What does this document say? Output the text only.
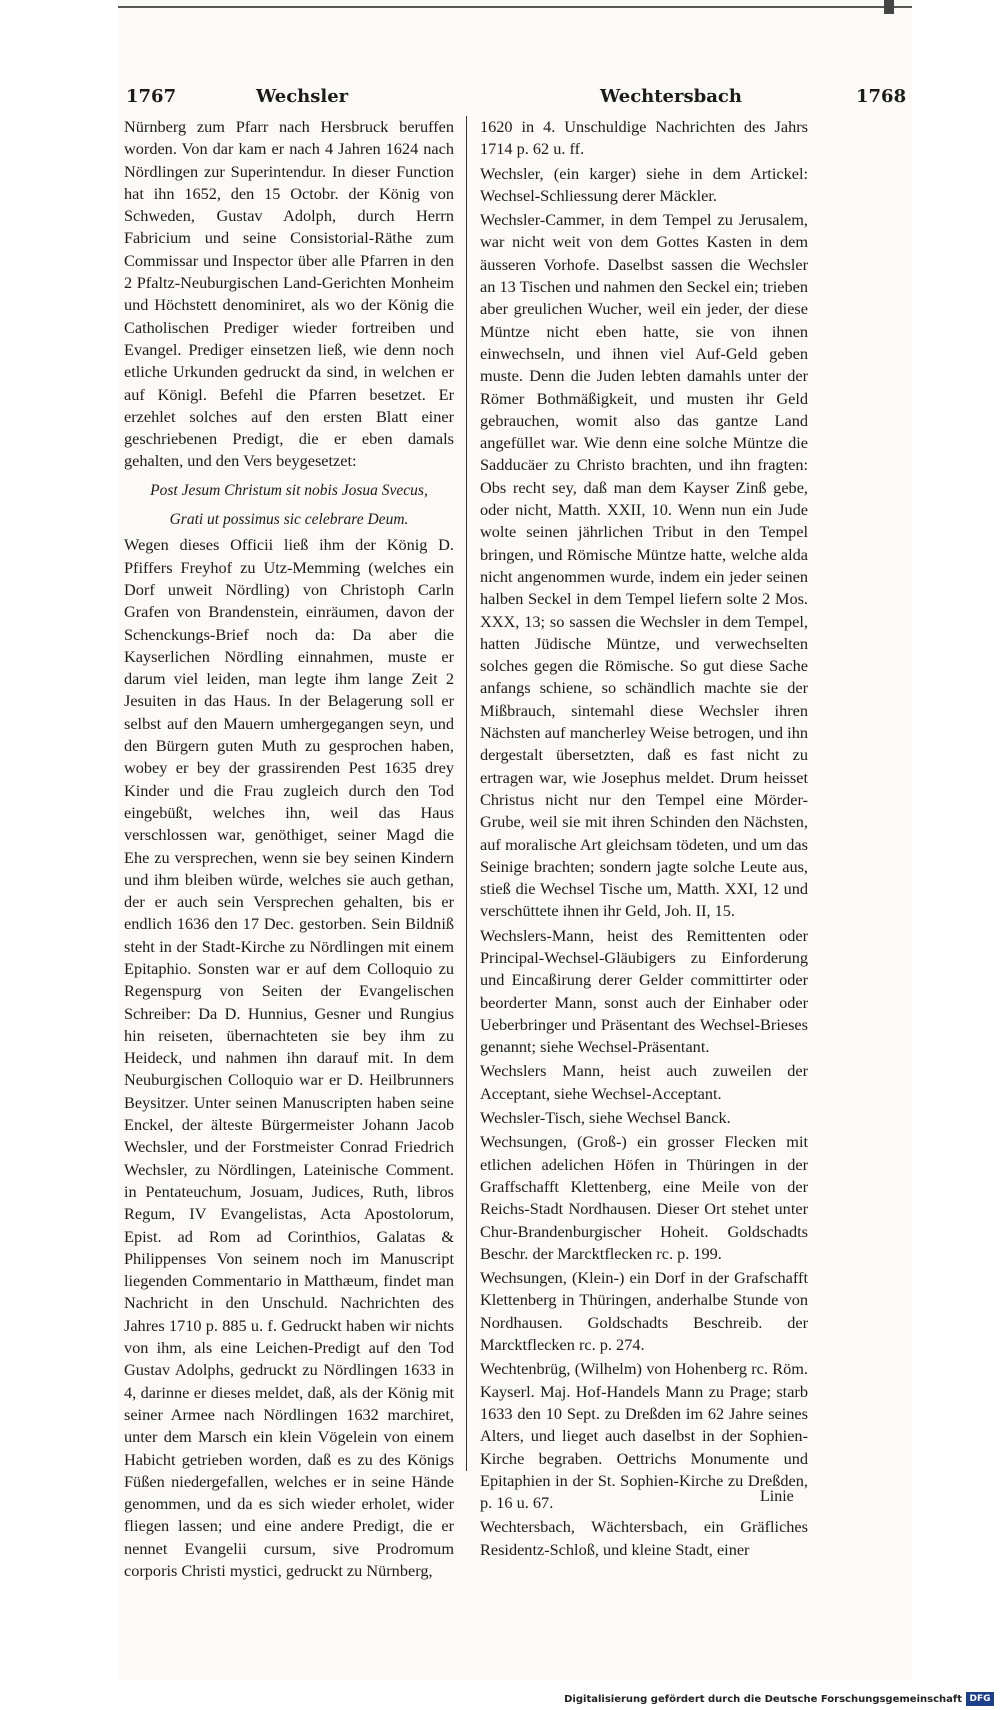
1767	Wechsler	Wechtersbach	1768

Nürnberg zum Pfarr nach Hersbruck beruffen worden. Von dar kam er nach 4 Jahren 1624 nach Nördlingen zur Superintendur. In dieser Function hat ihn 1652, den 15 Octobr. der König von Schweden, Gustav Adolph, durch Herrn Fabricium und seine Consistorial-Räthe zum Commissar und Inspector über alle Pfarren in den 2 Pfaltz-Neuburgischen Land-Gerichten Monheim und Höchstett denominiret, als wo der König die Catholischen Prediger wieder fortreiben und Evangel. Prediger einsetzen ließ, wie denn noch etliche Urkunden gedruckt da sind, in welchen er auf Königl. Befehl die Pfarren besetzet. Er erzehlet solches auf den ersten Blatt einer geschriebenen Predigt, die er eben damals gehalten, und den Vers beygesetzet:

Post Jesum Christum sit nobis Josua Svecus,

Grati ut possimus sic celebrare Deum.

Wegen dieses Officii ließ ihm der König D. Pfiffers Freyhof zu Utz-Memming (welches ein Dorf unweit Nördling) von Christoph Carln Grafen von Brandenstein, einräumen, davon der Schenckungs-Brief noch da: Da aber die Kayserlichen Nördling einnahmen, muste er darum viel leiden, man legte ihm lange Zeit 2 Jesuiten in das Haus. In der Belagerung soll er selbst auf den Mauern umhergegangen seyn, und den Bürgern guten Muth zu gesprochen haben, wobey er bey der grassirenden Pest 1635 drey Kinder und die Frau zugleich durch den Tod eingebüßt, welches ihn, weil das Haus verschlossen war, genöthiget, seiner Magd die Ehe zu versprechen, wenn sie bey seinen Kindern und ihm bleiben würde, welches sie auch gethan, der er auch sein Versprechen gehalten, bis er endlich 1636 den 17 Dec. gestorben. Sein Bildniß steht in der Stadt-Kirche zu Nördlingen mit einem Epitaphio. Sonsten war er auf dem Colloquio zu Regenspurg von Seiten der Evangelischen Schreiber: Da D. Hunnius, Gesner und Rungius hin reiseten, übernachteten sie bey ihm zu Heideck, und nahmen ihn darauf mit. In dem Neuburgischen Colloquio war er D. Heilbrunners Beysitzer. Unter seinen Manuscripten haben seine Enckel, der älteste Bürgermeister Johann Jacob Wechsler, und der Forstmeister Conrad Friedrich Wechsler, zu Nördlingen, Lateinische Comment. in Pentateuchum, Josuam, Judices, Ruth, libros Regum, IV Evangelistas, Acta Apostolorum, Epist. ad Rom ad Corinthios, Galatas & Philippenses Von seinem noch im Manuscript liegenden Commentario in Matthæum, findet man Nachricht in den Unschuld. Nachrichten des Jahres 1710 p. 885 u. f. Gedruckt haben wir nichts von ihm, als eine Leichen-Predigt auf den Tod Gustav Adolphs, gedruckt zu Nördlingen 1633 in 4, darinne er dieses meldet, daß, als der König mit seiner Armee nach Nördlingen 1632 marchiret, unter dem Marsch ein klein Vögelein von einem Habicht getrieben worden, daß es zu des Königs Füßen niedergefallen, welches er in seine Hände genommen, und da es sich wieder erholet, wider fliegen lassen; und eine andere Predigt, die er nennet Evangelii cursum, sive Prodromum corporis Christi mystici, gedruckt zu Nürnberg,

1620 in 4. Unschuldige Nachrichten des Jahrs 1714 p. 62 u. ff.

Wechsler, (ein karger) siehe in dem Artickel: Wechsel-Schliessung derer Mäckler.

Wechsler-Cammer, in dem Tempel zu Jerusalem, war nicht weit von dem Gottes Kasten in dem äusseren Vorhofe. Daselbst sassen die Wechsler an 13 Tischen und nahmen den Seckel ein; trieben aber greulichen Wucher, weil ein jeder, der diese Müntze nicht eben hatte, sie von ihnen einwechseln, und ihnen viel Auf-Geld geben muste. Denn die Juden lebten damahls unter der Römer Bothmäßigkeit, und musten ihr Geld gebrauchen, womit also das gantze Land angefüllet war. Wie denn eine solche Müntze die Sadducäer zu Christo brachten, und ihn fragten: Obs recht sey, daß man dem Kayser Zinß gebe, oder nicht, Matth. XXII, 10. Wenn nun ein Jude wolte seinen jährlichen Tribut in den Tempel bringen, und Römische Müntze hatte, welche alda nicht angenommen wurde, indem ein jeder seinen halben Seckel in dem Tempel liefern solte 2 Mos. XXX, 13; so sassen die Wechsler in dem Tempel, hatten Jüdische Müntze, und verwechselten solches gegen die Römische. So gut diese Sache anfangs schiene, so schändlich machte sie der Mißbrauch, sintemahl diese Wechsler ihren Nächsten auf mancherley Weise betrogen, und ihn dergestalt übersetzten, daß es fast nicht zu ertragen war, wie Josephus meldet. Drum heisset Christus nicht nur den Tempel eine Mörder-Grube, weil sie mit ihren Schinden den Nächsten, auf moralische Art gleichsam tödeten, und um das Seinige brachten; sondern jagte solche Leute aus, stieß die Wechsel Tische um, Matth. XXI, 12 und verschüttete ihnen ihr Geld, Joh. II, 15.

Wechslers-Mann, heist des Remittenten oder Principal-Wechsel-Gläubigers zu Einforderung und Eincaßirung derer Gelder committirter oder beorderter Mann, sonst auch der Einhaber oder Ueberbringer und Präsentant des Wechsel-Brieses genannt; siehe Wechsel-Präsentant.

Wechslers Mann, heist auch zuweilen der Acceptant, siehe Wechsel-Acceptant.

Wechsler-Tisch, siehe Wechsel Banck.

Wechsungen, (Groß-) ein grosser Flecken mit etlichen adelichen Höfen in Thüringen in der Graffschafft Klettenberg, eine Meile von der Reichs-Stadt Nordhausen. Dieser Ort stehet unter Chur-Brandenburgischer Hoheit. Goldschadts Beschr. der Marcktflecken rc. p. 199.

Wechsungen, (Klein-) ein Dorf in der Grafschafft Klettenberg in Thüringen, anderhalbe Stunde von Nordhausen. Goldschadts Beschreib. der Marcktflecken rc. p. 274.

Wechtenbrüg, (Wilhelm) von Hohenberg rc. Röm. Kayserl. Maj. Hof-Handels Mann zu Prage; starb 1633 den 10 Sept. zu Dreßden im 62 Jahre seines Alters, und lieget auch daselbst in der Sophien-Kirche begraben. Oettrichs Monumente und Epitaphien in der St. Sophien-Kirche zu Dreßden, p. 16 u. 67.

Wechtersbach, Wächtersbach, ein Gräfliches Residentz-Schloß, und kleine Stadt, einer

Linie
Digitalisierung gefördert durch die Deutsche Forschungsgemeinschaft DFG
